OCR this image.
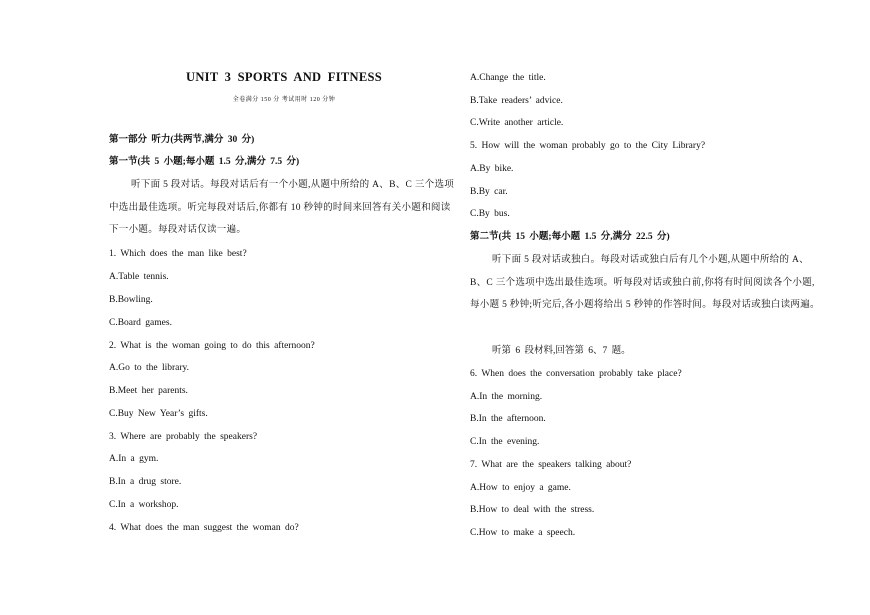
UNIT 3 SPORTS AND FITNESS
全卷满分 150 分 考试用时 120 分钟
第一部分 听力(共两节,满分 30 分)
第一节(共 5 小题;每小题 1.5 分,满分 7.5 分)
听下面 5 段对话。每段对话后有一个小题,从题中所给的 A、B、C 三个选项中选出最佳选项。听完每段对话后,你都有 10 秒钟的时间来回答有关小题和阅读下一小题。每段对话仅读一遍。
1. Which does the man like best?
A.Table tennis.
B.Bowling.
C.Board games.
2. What is the woman going to do this afternoon?
A.Go to the library.
B.Meet her parents.
C.Buy New Year’s gifts.
3. Where are probably the speakers?
A.In a gym.
B.In a drug store.
C.In a workshop.
4. What does the man suggest the woman do?
A.Change the title.
B.Take readers’ advice.
C.Write another article.
5. How will the woman probably go to the City Library?
A.By bike.
B.By car.
C.By bus.
第二节(共 15 小题;每小题 1.5 分,满分 22.5 分)
听下面 5 段对话或独白。每段对话或独白后有几个小题,从题中所给的 A、B、C 三个选项中选出最佳选项。听每段对话或独白前,你将有时间阅读各个小题,每小题 5 秒钟;听完后,各小题将给出 5 秒钟的作答时间。每段对话或独白读两遍。
听第 6 段材料,回答第 6、7 题。
6. When does the conversation probably take place?
A.In the morning.
B.In the afternoon.
C.In the evening.
7. What are the speakers talking about?
A.How to enjoy a game.
B.How to deal with the stress.
C.How to make a speech.
